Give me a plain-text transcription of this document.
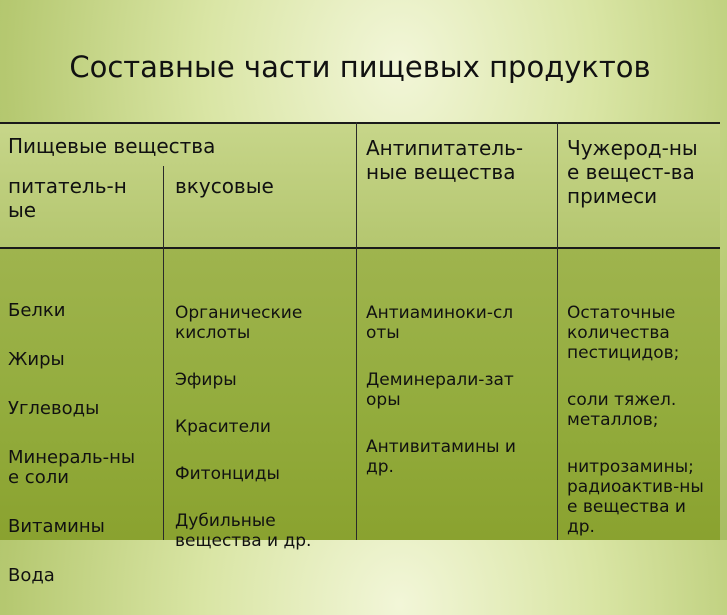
Составные части пищевых продуктов
Пищевые вещества
питатель-н
ые
вкусовые
Антипитатель-
ные вещества
Чужерод-ны
е вещест-ва
примеси

Белки

Жиры

Углеводы

Минераль-ны
е соли

Витамины

Вода

Органические
кислоты

Эфиры

Красители

Фитонциды

Дубильные
вещества и др.

Антиаминоки-сл
оты

Деминерали-зат
оры

Антивитамины и
др.

Остаточные
количества
пестицидов;

соли тяжел.
металлов;

нитрозамины;
радиоактив-ны
е вещества и
др.
